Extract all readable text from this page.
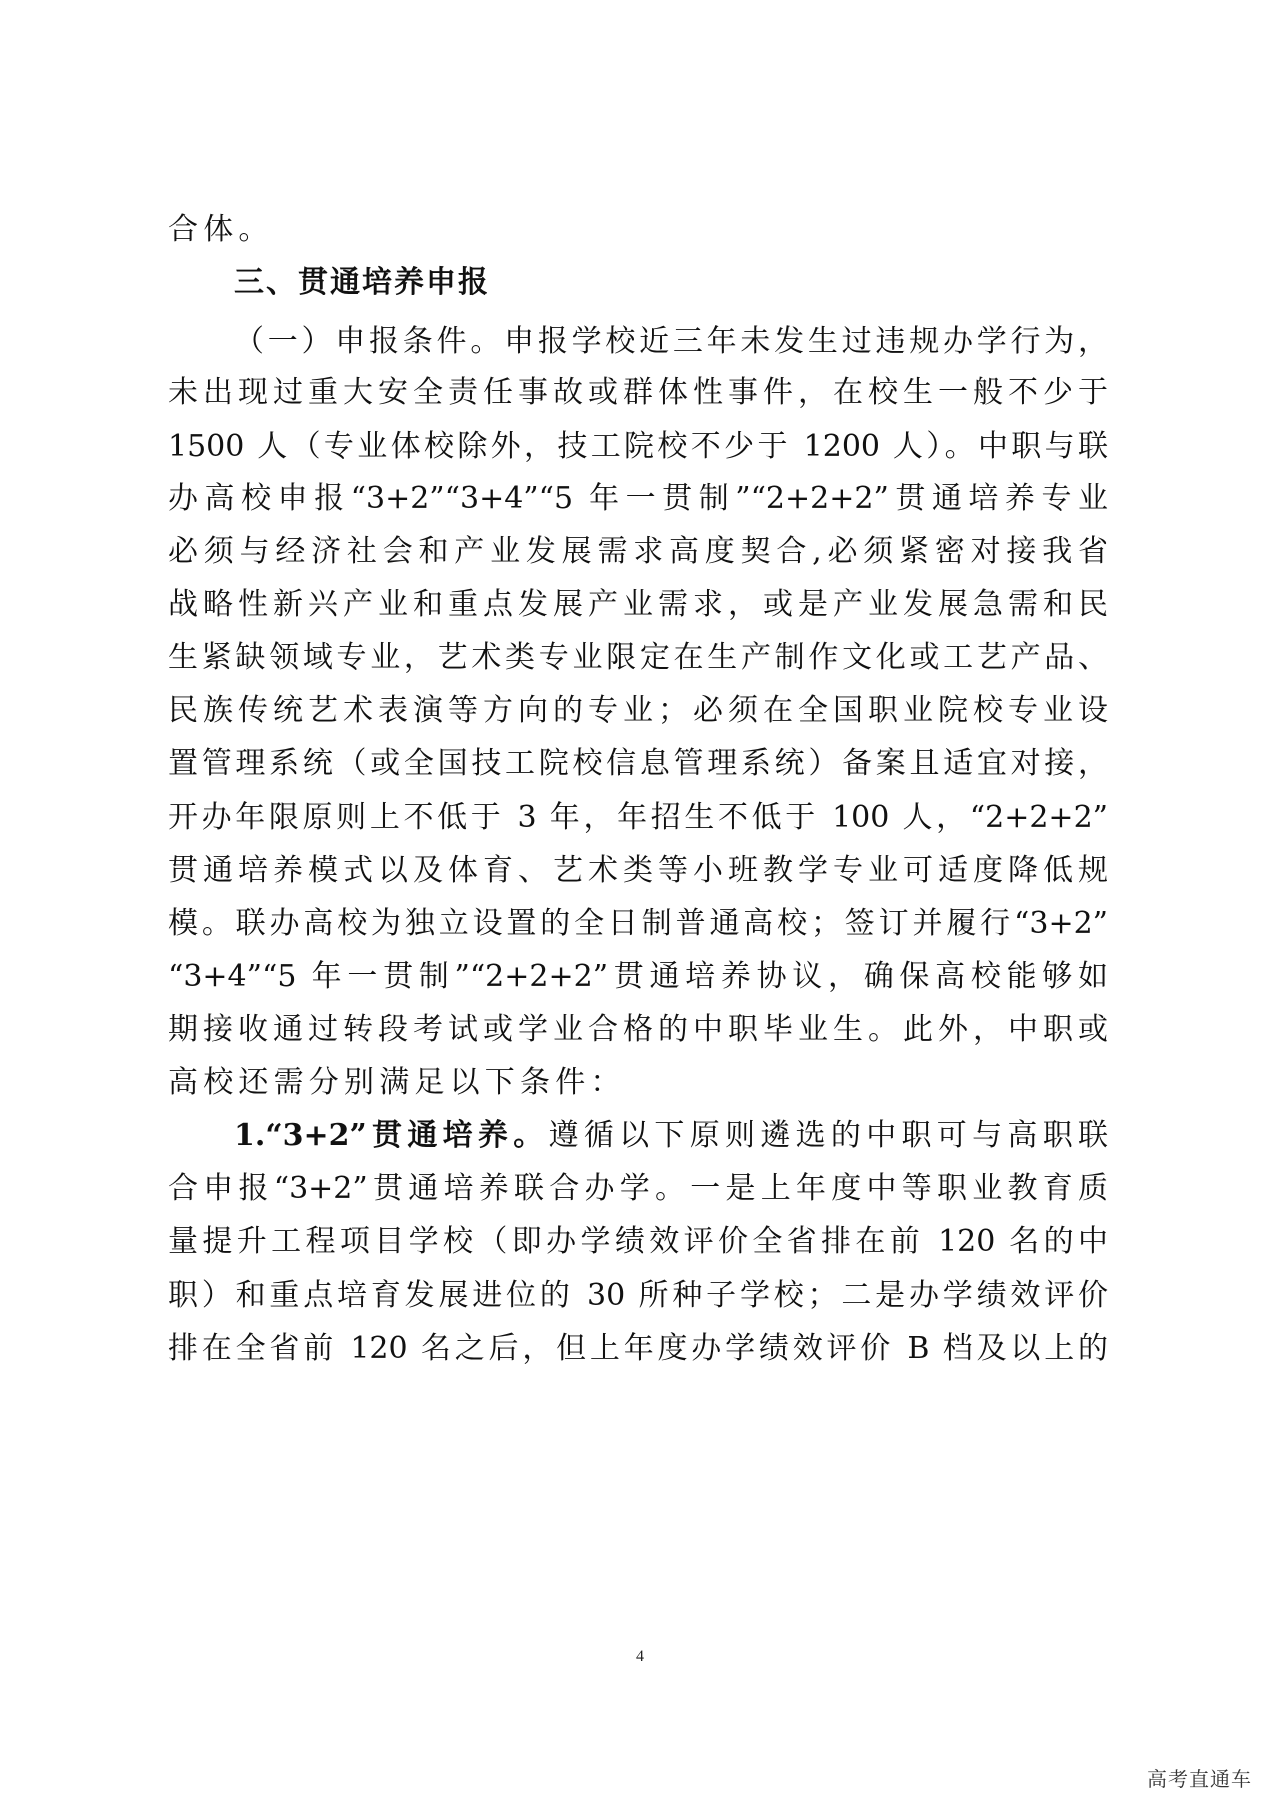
合体。
三、贯通培养申报
（一）申报条件。申报学校近三年未发生过违规办学行为，
未出现过重大安全责任事故或群体性事件，在校生一般不少于
1500 人（专业体校除外，技工院校不少于 1200 人）。中职与联
办高校申报“3+2”“3+4”“5 年一贯制”“2+2+2”贯通培养专业
必须与经济社会和产业发展需求高度契合,必须紧密对接我省
战略性新兴产业和重点发展产业需求，或是产业发展急需和民
生紧缺领域专业，艺术类专业限定在生产制作文化或工艺产品、
民族传统艺术表演等方向的专业；必须在全国职业院校专业设
置管理系统（或全国技工院校信息管理系统）备案且适宜对接，
开办年限原则上不低于 3 年，年招生不低于 100 人，“2+2+2”
贯通培养模式以及体育、艺术类等小班教学专业可适度降低规
模。联办高校为独立设置的全日制普通高校；签订并履行“3+2”
“3+4”“5 年一贯制”“2+2+2”贯通培养协议，确保高校能够如
期接收通过转段考试或学业合格的中职毕业生。此外，中职或
高校还需分别满足以下条件：
1.“3+2”贯通培养。遵循以下原则遴选的中职可与高职联
合申报“3+2”贯通培养联合办学。一是上年度中等职业教育质
量提升工程项目学校（即办学绩效评价全省排在前 120 名的中
职）和重点培育发展进位的 30 所种子学校；二是办学绩效评价
排在全省前 120 名之后，但上年度办学绩效评价 B 档及以上的
4
高考直通车
